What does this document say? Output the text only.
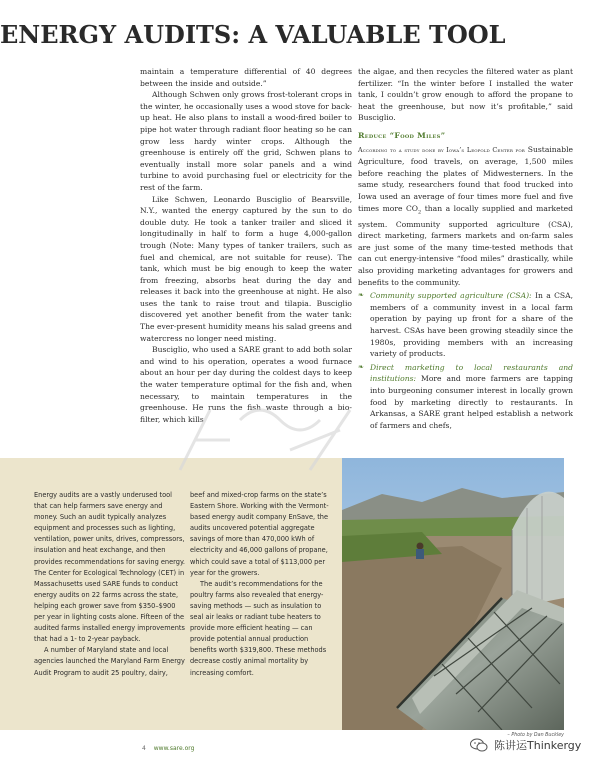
maintain a temperature differential of 40 degrees between the inside and outside.”

Although Schwen only grows frost-tolerant crops in the winter, he occasionally uses a wood stove for back-up heat. He also plans to install a wood-fired boiler to pipe hot water through radiant floor heating so he can grow less hardy winter crops. Although the greenhouse is entirely off the grid, Schwen plans to eventually install more solar panels and a wind turbine to avoid purchasing fuel or electricity for the rest of the farm.

Like Schwen, Leonardo Busciglio of Bearsville, N.Y., wanted the energy captured by the sun to do double duty. He took a tanker trailer and sliced it longitudinally in half to form a huge 4,000-gallon trough (Note: Many types of tanker trailers, such as fuel and chemical, are not suitable for reuse). The tank, which must be big enough to keep the water from freezing, absorbs heat during the day and releases it back into the greenhouse at night. He also uses the tank to raise trout and tilapia. Busciglio discovered yet another benefit from the water tank: The ever-present humidity means his salad greens and watercress no longer need misting.

Busciglio, who used a SARE grant to add both solar and wind to his operation, operates a wood furnace about an hour per day during the coldest days to keep the water temperature optimal for the fish and, when necessary, to maintain temperatures in the greenhouse. He runs the fish waste through a bio-filter, which kills

the algae, and then recycles the filtered water as plant fertilizer. “In the winter before I installed the water tank, I couldn’t grow enough to afford the propane to heat the greenhouse, but now it’s profitable,” said Busciglio.

Reduce “Food Miles”

According to a study done by Iowa’s Leopold Center for Sustainable Agriculture, food travels, on average, 1,500 miles before reaching the plates of Midwesterners. In the same study, researchers found that food trucked into Iowa used an average of four times more fuel and five times more $CO_2$ than a locally supplied and marketed system. Community supported agriculture (CSA), direct marketing, farmers markets and on-farm sales are just some of the many time-tested methods that can cut energy-intensive “food miles” drastically, while also providing marketing advantages for growers and benefits to the community.

❧ Community supported agriculture (CSA): In a CSA, members of a community invest in a local farm operation by paying up front for a share of the harvest. CSAs have been growing steadily since the 1980s, providing members with an increasing variety of products.

❧ Direct marketing to local restaurants and institutions: More and more farmers are tapping into burgeoning consumer interest in locally grown food by marketing directly to restaurants. In Arkansas, a SARE grant helped establish a network of farmers and chefs,

ENERGY AUDITS: A VALUABLE TOOL

Energy audits are a vastly underused tool that can help farmers save energy and money. Such an audit typically analyzes equipment and processes such as lighting, ventilation, power units, drives, compressors, insulation and heat exchange, and then provides recommendations for saving energy. The Center for Ecological Technology (CET) in Massachusetts used SARE funds to conduct energy audits on 22 farms across the state, helping each grower save from $350–$900 per year in lighting costs alone. Fifteen of the audited farms installed energy improvements that had a 1- to 2-year payback.

A number of Maryland state and local agencies launched the Maryland Farm Energy Audit Program to audit 25 poultry, dairy,

beef and mixed-crop farms on the state’s Eastern Shore. Working with the Vermont-based energy audit company EnSave, the audits uncovered potential aggregate savings of more than 470,000 kWh of electricity and 46,000 gallons of propane, which could save a total of $113,000 per year for the growers.

The audit’s recommendations for the poultry farms also revealed that energy-saving methods — such as insulation to seal air leaks or radiant tube heaters to provide more efficient heating — can provide potential annual production benefits worth $319,800. These methods decrease costly animal mortality by increasing comfort.

– Photo by Dan Buckley
4 www.sare.org	陈讲运Thinkergy
